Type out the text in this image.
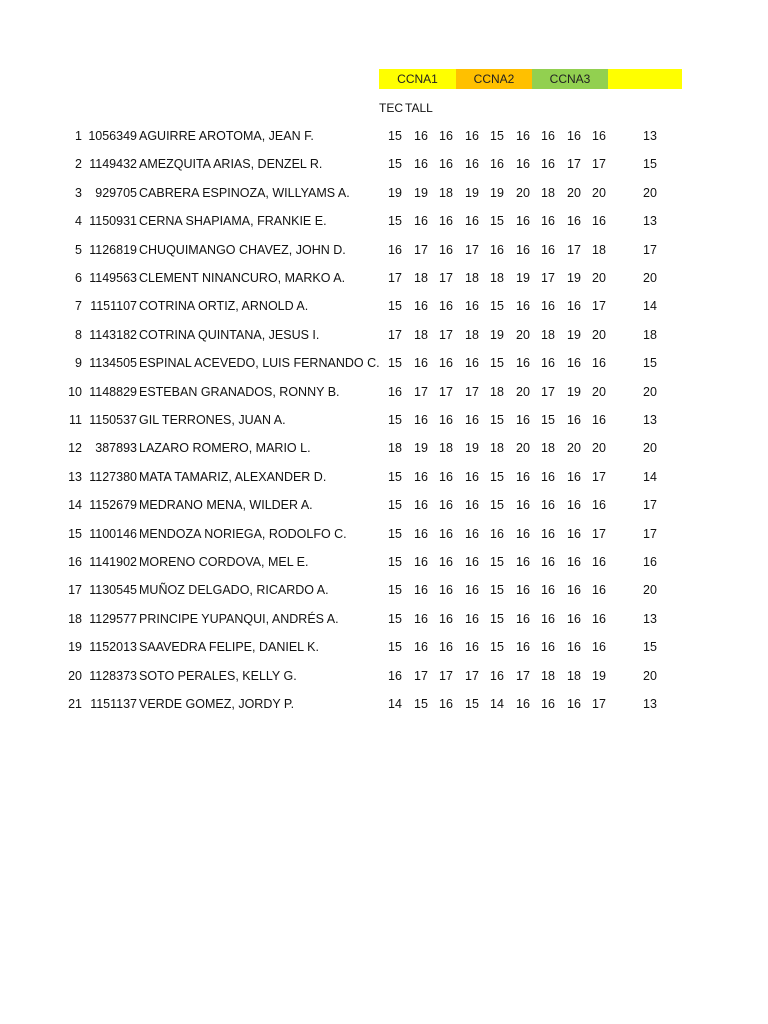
CCNA1	CCNA2	CCNA3
TEC TALL
1 1056349 AGUIRRE AROTOMA, JEAN F.	15 16 16 16 15 16 16 16 16	13
2 1149432 AMEZQUITA ARIAS, DENZEL R.	15 16 16 16 16 16 16 17 17	15
3	929705 CABRERA ESPINOZA, WILLYAMS A.	19 19 18 19 19 20 18 20 20	20
4 1150931 CERNA SHAPIAMA, FRANKIE E.	15 16 16 16 15 16 16 16 16	13
5 1126819 CHUQUIMANGO CHAVEZ, JOHN D.	16 17 16 17 16 16 16 17 18	17
6 1149563 CLEMENT NINANCURO, MARKO A.	17 18 17 18 18 19 17 19 20	20
7 1151107 COTRINA ORTIZ, ARNOLD A.	15 16 16 16 15 16 16 16 17	14
8 1143182 COTRINA QUINTANA, JESUS I.	17 18 17 18 19 20 18 19 20	18
9 1134505 ESPINAL ACEVEDO, LUIS FERNANDO C. 15 16 16 16 15 16 16 16 16	15
10 1148829 ESTEBAN GRANADOS, RONNY B.	16 17 17 17 18 20 17 19 20	20
11 1150537 GIL TERRONES, JUAN A.	15 16 16 16 15 16 15 16 16	13
12	387893 LAZARO ROMERO, MARIO L.	18 19 18 19 18 20 18 20 20	20
13 1127380 MATA TAMARIZ, ALEXANDER D.	15 16 16 16 15 16 16 16 17	14
14 1152679 MEDRANO MENA, WILDER A.	15 16 16 16 15 16 16 16 16	17
15 1100146 MENDOZA NORIEGA, RODOLFO C.	15 16 16 16 16 16 16 16 17	17
16 1141902 MORENO CORDOVA, MEL E.	15 16 16 16 15 16 16 16 16	16
17 1130545 MUÑOZ DELGADO, RICARDO A.	15 16 16 16 15 16 16 16 16	20
18 1129577 PRINCIPE YUPANQUI, ANDRÉS A.	15 16 16 16 15 16 16 16 16	13
19 1152013 SAAVEDRA FELIPE, DANIEL K.	15 16 16 16 15 16 16 16 16	15
20 1128373 SOTO PERALES, KELLY G.	16 17 17 17 16 17 18 18 19	20
21 1151137 VERDE GOMEZ, JORDY P.	14 15 16 15 14 16 16 16 17	13
